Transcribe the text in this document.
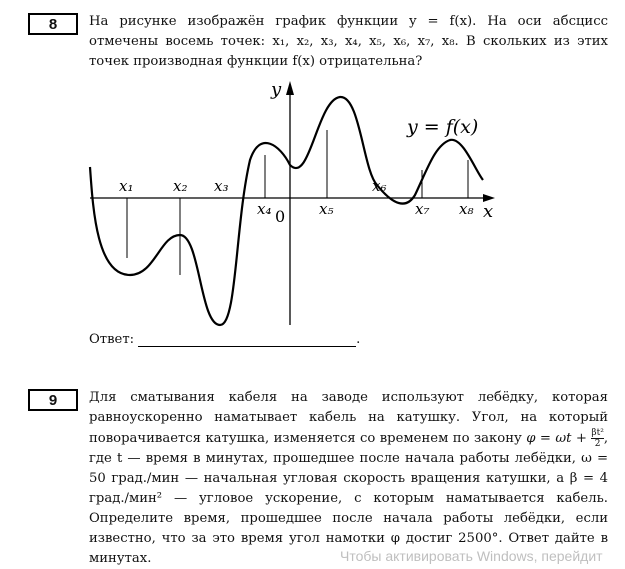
8	На рисунке изображён график функции y = f(x). На оси абсцисс отмечены восемь точек: x₁, x₂, x₃, x₄, x₅, x₆, x₇, x₈. В скольких из этих точек производная функции f(x) отрицательна?
y
x
0
y = f(x)
x₁	x₂ x₃
x₄	x₅
x₆
x₇ x₈
Ответ:	.
9	Для сматывания кабеля на заводе используют лебёдку, которая равноускоренно наматывает кабель на катушку. Угол, на который поворачивается катушка, изменяется со временем по закону $\varphi = \omega t + \frac{\text{βt²}}{2}$ , где t — время в минутах, прошедшее после начала работы лебёдки, ω = 50 град./мин — начальная угловая скорость вращения катушки, а β = 4 град./мин² — угловое ускорение, с которым наматывается кабель. Определите время, прошедшее после начала работы лебёдки, если известно, что за это время угол намотки φ достиг 2500°. Ответ дайте в минутах.	Чтобы активировать Windows, перейдит
